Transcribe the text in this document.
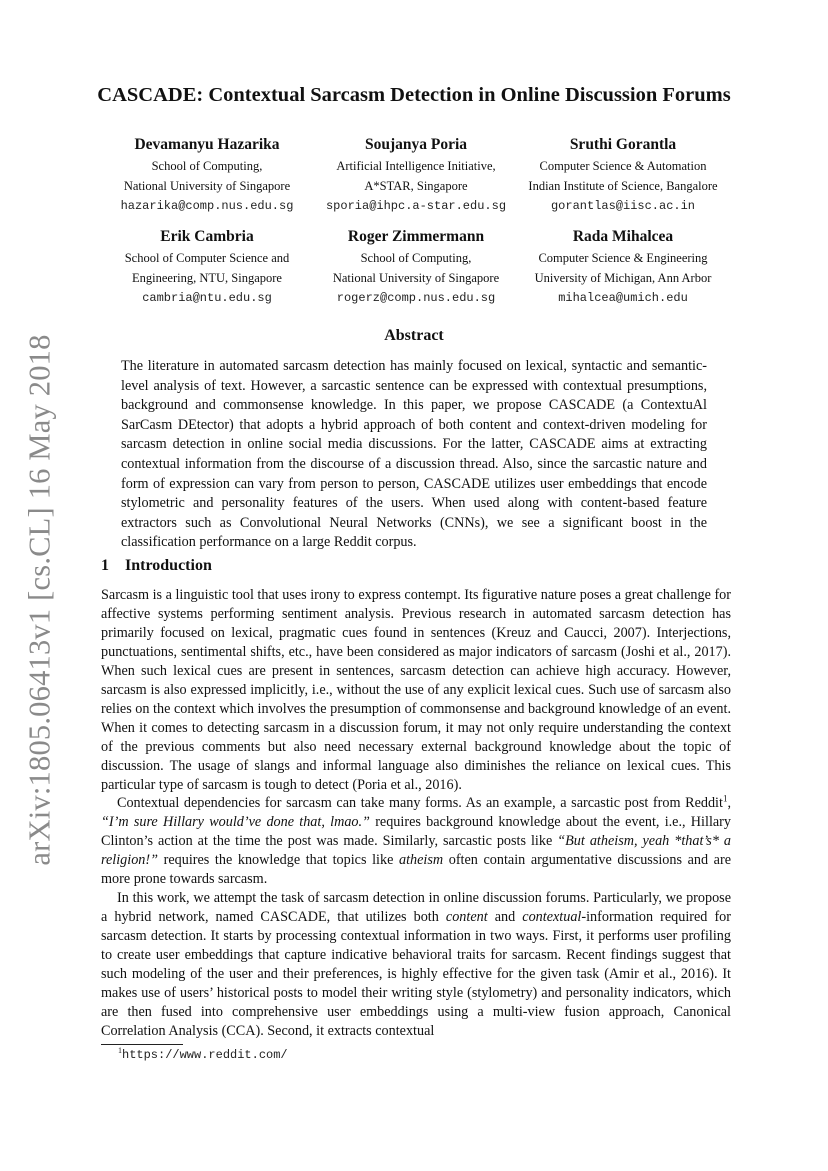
arXiv:1805.06413v1 [cs.CL] 16 May 2018
CASCADE: Contextual Sarcasm Detection in Online Discussion Forums
Devamanyu Hazarika
School of Computing,
National University of Singapore
hazarika@comp.nus.edu.sg
Soujanya Poria
Artificial Intelligence Initiative,
A*STAR, Singapore
sporia@ihpc.a-star.edu.sg
Sruthi Gorantla
Computer Science & Automation
Indian Institute of Science, Bangalore
gorantlas@iisc.ac.in
Erik Cambria
School of Computer Science and
Engineering, NTU, Singapore
cambria@ntu.edu.sg
Roger Zimmermann
School of Computing,
National University of Singapore
rogerz@comp.nus.edu.sg
Rada Mihalcea
Computer Science & Engineering
University of Michigan, Ann Arbor
mihalcea@umich.edu
Abstract
The literature in automated sarcasm detection has mainly focused on lexical, syntactic and semantic-level analysis of text. However, a sarcastic sentence can be expressed with contextual presumptions, background and commonsense knowledge. In this paper, we propose CASCADE (a ContextuAl SarCasm DEtector) that adopts a hybrid approach of both content and context-driven modeling for sarcasm detection in online social media discussions. For the latter, CASCADE aims at extracting contextual information from the discourse of a discussion thread. Also, since the sarcastic nature and form of expression can vary from person to person, CASCADE utilizes user embeddings that encode stylometric and personality features of the users. When used along with content-based feature extractors such as Convolutional Neural Networks (CNNs), we see a significant boost in the classification performance on a large Reddit corpus.
1 Introduction

Sarcasm is a linguistic tool that uses irony to express contempt. Its figurative nature poses a great challenge for affective systems performing sentiment analysis. Previous research in automated sarcasm detection has primarily focused on lexical, pragmatic cues found in sentences (Kreuz and Caucci, 2007). Interjections, punctuations, sentimental shifts, etc., have been considered as major indicators of sarcasm (Joshi et al., 2017). When such lexical cues are present in sentences, sarcasm detection can achieve high accuracy. However, sarcasm is also expressed implicitly, i.e., without the use of any explicit lexical cues. Such use of sarcasm also relies on the context which involves the presumption of commonsense and background knowledge of an event. When it comes to detecting sarcasm in a discussion forum, it may not only require understanding the context of the previous comments but also need necessary external background knowledge about the topic of discussion. The usage of slangs and informal language also diminishes the reliance on lexical cues. This particular type of sarcasm is tough to detect (Poria et al., 2016).

Contextual dependencies for sarcasm can take many forms. As an example, a sarcastic post from Reddit$^1$, “I’m sure Hillary would’ve done that, lmao.” requires background knowledge about the event, i.e., Hillary Clinton’s action at the time the post was made. Similarly, sarcastic posts like “But atheism, yeah *that’s* a religion!” requires the knowledge that topics like atheism often contain argumentative discussions and are more prone towards sarcasm.

In this work, we attempt the task of sarcasm detection in online discussion forums. Particularly, we propose a hybrid network, named CASCADE, that utilizes both content and contextual-information required for sarcasm detection. It starts by processing contextual information in two ways. First, it performs user profiling to create user embeddings that capture indicative behavioral traits for sarcasm. Recent findings suggest that such modeling of the user and their preferences, is highly effective for the given task (Amir et al., 2016). It makes use of users’ historical posts to model their writing style (stylometry) and personality indicators, which are then fused into comprehensive user embeddings using a multi-view fusion approach, Canonical Correlation Analysis (CCA). Second, it extracts contextual

$^1$https://www.reddit.com/
